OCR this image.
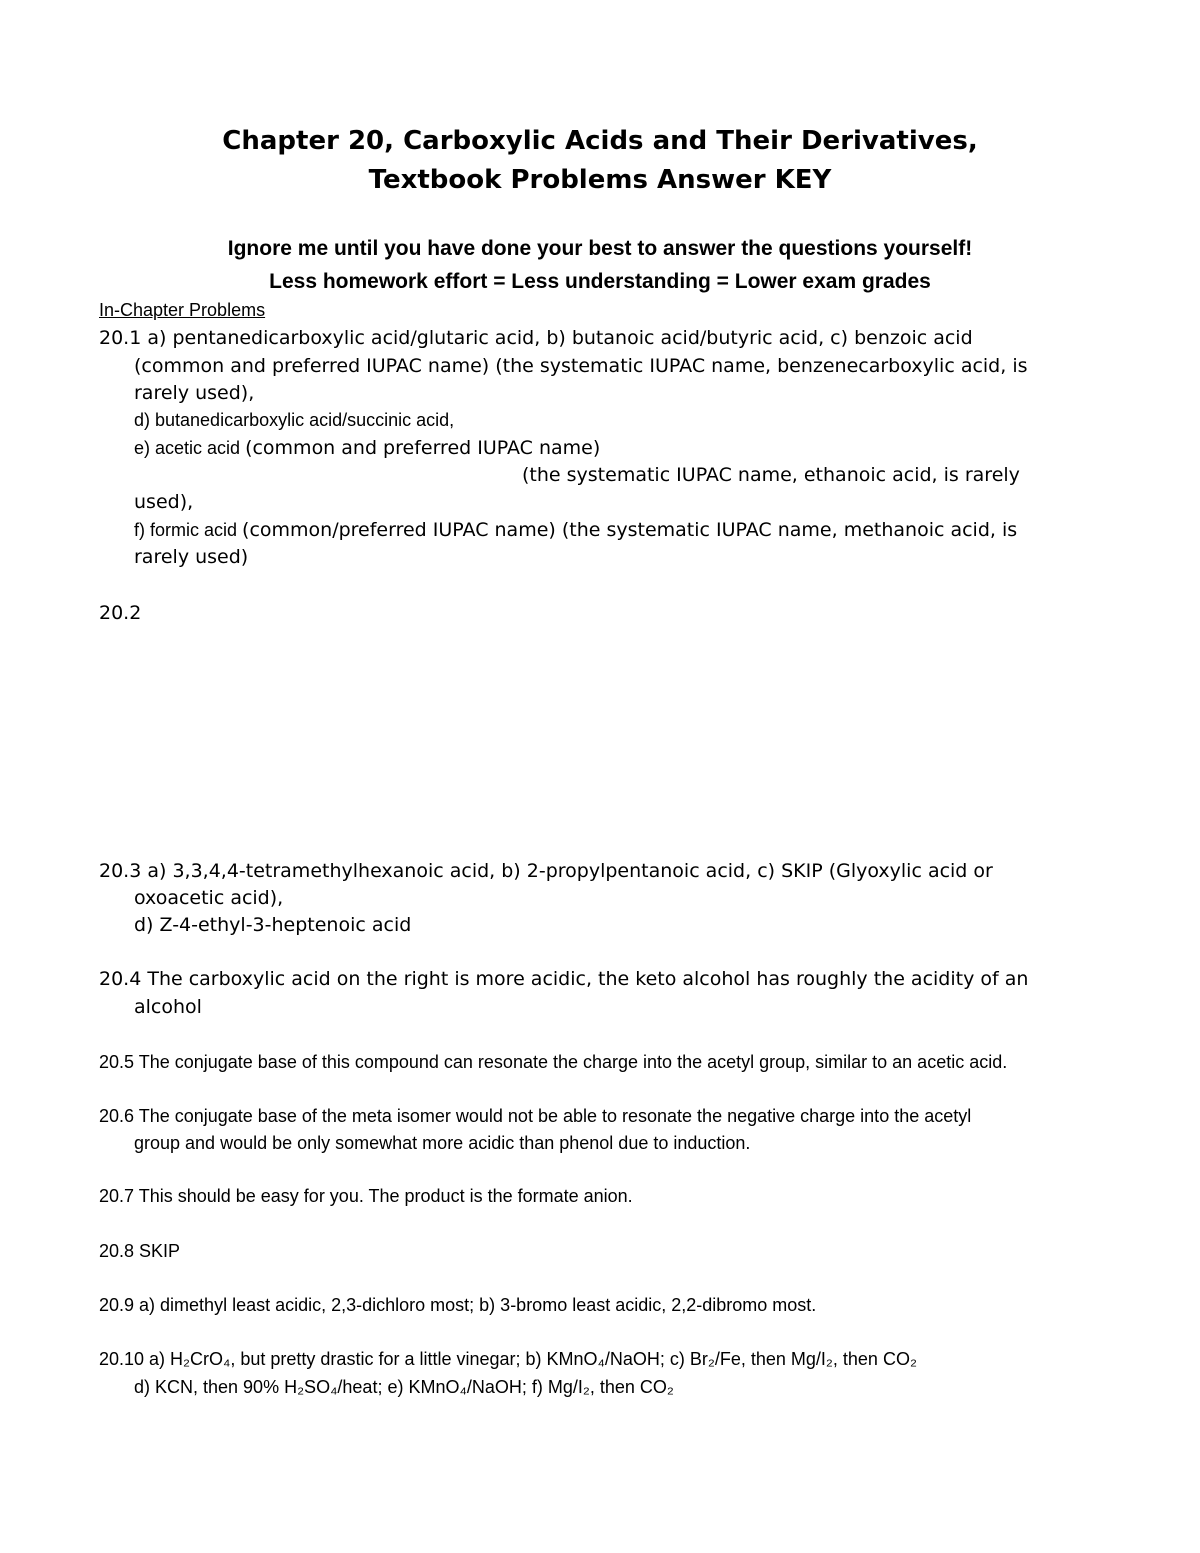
Chapter 20, Carboxylic Acids and Their Derivatives,
Textbook Problems Answer KEY
Ignore me until you have done your best to answer the questions yourself!
Less homework effort = Less understanding = Lower exam grades
In-Chapter Problems
20.1 a) pentanedicarboxylic acid/glutaric acid, b) butanoic acid/butyric acid, c) benzoic acid
(common and preferred IUPAC name) (the systematic IUPAC name, benzenecarboxylic acid, is
rarely used),
d) butanedicarboxylic acid/succinic acid,
e) acetic acid (common and preferred IUPAC name)
(the systematic IUPAC name, ethanoic acid, is rarely
used),
f) formic acid (common/preferred IUPAC name) (the systematic IUPAC name, methanoic acid, is
rarely used)
20.2
20.3 a) 3,3,4,4-tetramethylhexanoic acid, b) 2-propylpentanoic acid, c) SKIP (Glyoxylic acid or
oxoacetic acid),
d) Z-4-ethyl-3-heptenoic acid
20.4 The carboxylic acid on the right is more acidic, the keto alcohol has roughly the acidity of an
alcohol
20.5 The conjugate base of this compound can resonate the charge into the acetyl group, similar to an acetic acid.
20.6 The conjugate base of the meta isomer would not be able to resonate the negative charge into the acetyl
group and would be only somewhat more acidic than phenol due to induction.
20.7 This should be easy for you. The product is the formate anion.
20.8 SKIP
20.9 a) dimethyl least acidic, 2,3-dichloro most; b) 3-bromo least acidic, 2,2-dibromo most.
20.10 a) H₂CrO₄, but pretty drastic for a little vinegar; b) KMnO₄/NaOH; c) Br₂/Fe, then Mg/I₂, then CO₂
d) KCN, then 90% H₂SO₄/heat; e) KMnO₄/NaOH; f) Mg/I₂, then CO₂
